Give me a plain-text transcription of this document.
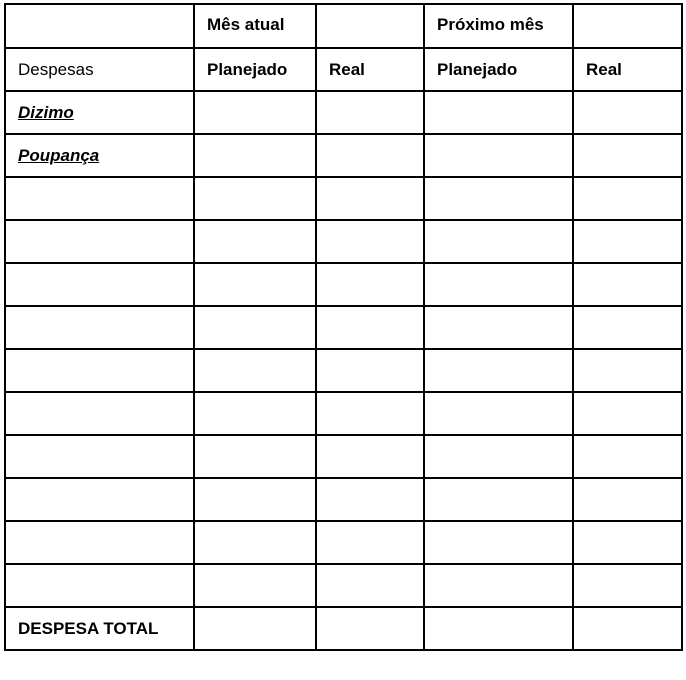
	Mês atual		Próximo mês	
Despesas	Planejado	Real	Planejado	Real
Dizimo				
Poupança				

DESPESA TOTAL				
